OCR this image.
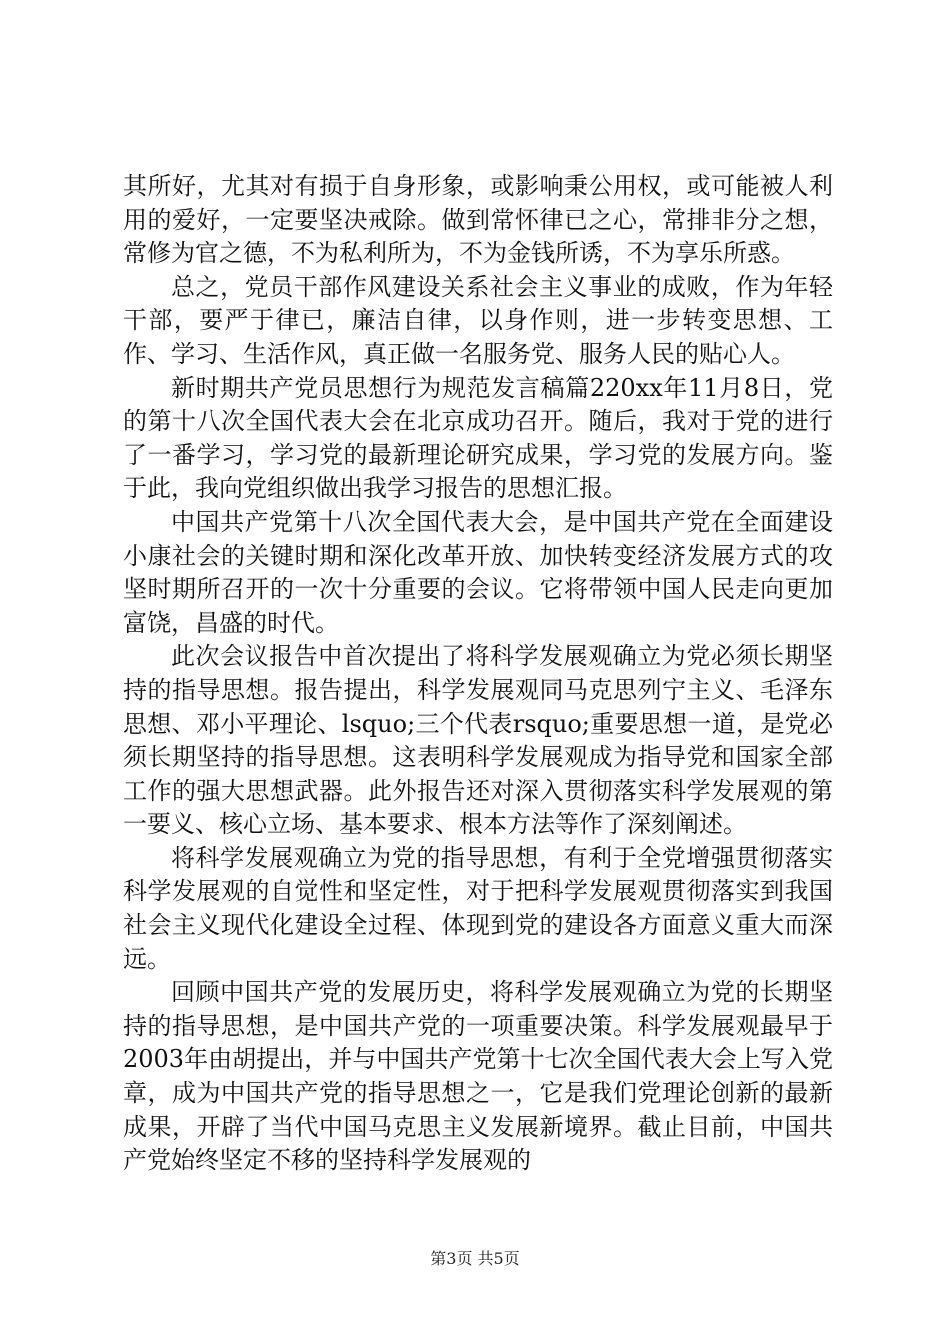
其所好，尤其对有损于自身形象，或影响秉公用权，或可能被人利用的爱好，一定要坚决戒除。做到常怀律已之心，常排非分之想，常修为官之德，不为私利所为，不为金钱所诱，不为享乐所惑。

总之，党员干部作风建设关系社会主义事业的成败，作为年轻干部，要严于律已，廉洁自律，以身作则，进一步转变思想、工作、学习、生活作风，真正做一名服务党、服务人民的贴心人。

新时期共产党员思想行为规范发言稿篇220xx年11月8日，党的第十八次全国代表大会在北京成功召开。随后，我对于党的进行了一番学习，学习党的最新理论研究成果，学习党的发展方向。鉴于此，我向党组织做出我学习报告的思想汇报。

中国共产党第十八次全国代表大会，是中国共产党在全面建设小康社会的关键时期和深化改革开放、加快转变经济发展方式的攻坚时期所召开的一次十分重要的会议。它将带领中国人民走向更加富饶，昌盛的时代。

此次会议报告中首次提出了将科学发展观确立为党必须长期坚持的指导思想。报告提出，科学发展观同马克思列宁主义、毛泽东思想、邓小平理论、lsquo;三个代表rsquo;重要思想一道，是党必须长期坚持的指导思想。这表明科学发展观成为指导党和国家全部工作的强大思想武器。此外报告还对深入贯彻落实科学发展观的第一要义、核心立场、基本要求、根本方法等作了深刻阐述。

将科学发展观确立为党的指导思想，有利于全党增强贯彻落实科学发展观的自觉性和坚定性，对于把科学发展观贯彻落实到我国社会主义现代化建设全过程、体现到党的建设各方面意义重大而深远。

回顾中国共产党的发展历史，将科学发展观确立为党的长期坚持的指导思想，是中国共产党的一项重要决策。科学发展观最早于2003年由胡提出，并与中国共产党第十七次全国代表大会上写入党章，成为中国共产党的指导思想之一，它是我们党理论创新的最新成果，开辟了当代中国马克思主义发展新境界。截止目前，中国共产党始终坚定不移的坚持科学发展观的

第3页 共5页
